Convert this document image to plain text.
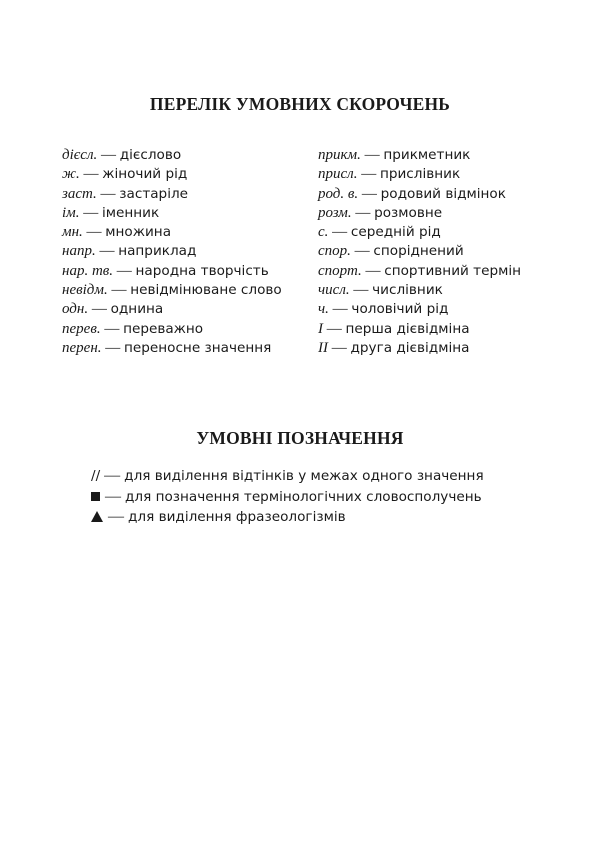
ПЕРЕЛІК УМОВНИХ СКОРОЧЕНЬ
дієсл. — дієслово
ж. — жіночий рід
заст. — застаріле
ім. — іменник
мн. — множина
напр. — наприклад
нар. тв. — народна творчість
невідм. — невідмінюване слово
одн. — однина
перев. — переважно
перен. — переносне значення
прикм. — прикметник
присл. — прислівник
род. в. — родовий відмінок
розм. — розмовне
с. — середній рід
спор. — споріднений
спорт. — спортивний термін
числ. — числівник
ч. — чоловічий рід
I — перша дієвідміна
II — друга дієвідміна
УМОВНІ ПОЗНАЧЕННЯ
// — для виділення відтінків у межах одного значення
— для позначення термінологічних словосполучень
— для виділення фразеологізмів
